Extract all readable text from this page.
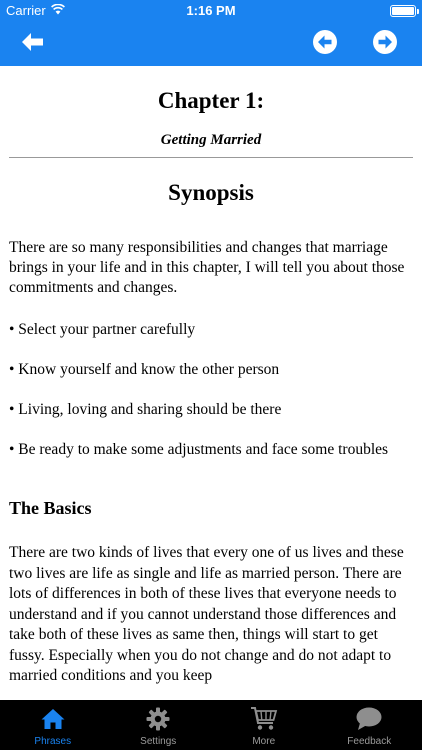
Carrier	1:16 PM
Chapter 1:
Getting Married
Synopsis

There are so many responsibilities and changes that marriage brings in your life and in this chapter, I will tell you about those commitments and changes.

• Select your partner carefully

• Know yourself and know the other person

• Living, loving and sharing should be there

• Be ready to make some adjustments and face some troubles

The Basics

There are two kinds of lives that every one of us lives and these two lives are life as single and life as married person. There are lots of differences in both of these lives that everyone needs to understand and if you cannot understand those differences and take both of these lives as same then, things will start to get fussy. Especially when you do not change and do not adapt to married conditions and you keep

Phrases	Settings	More	Feedback
